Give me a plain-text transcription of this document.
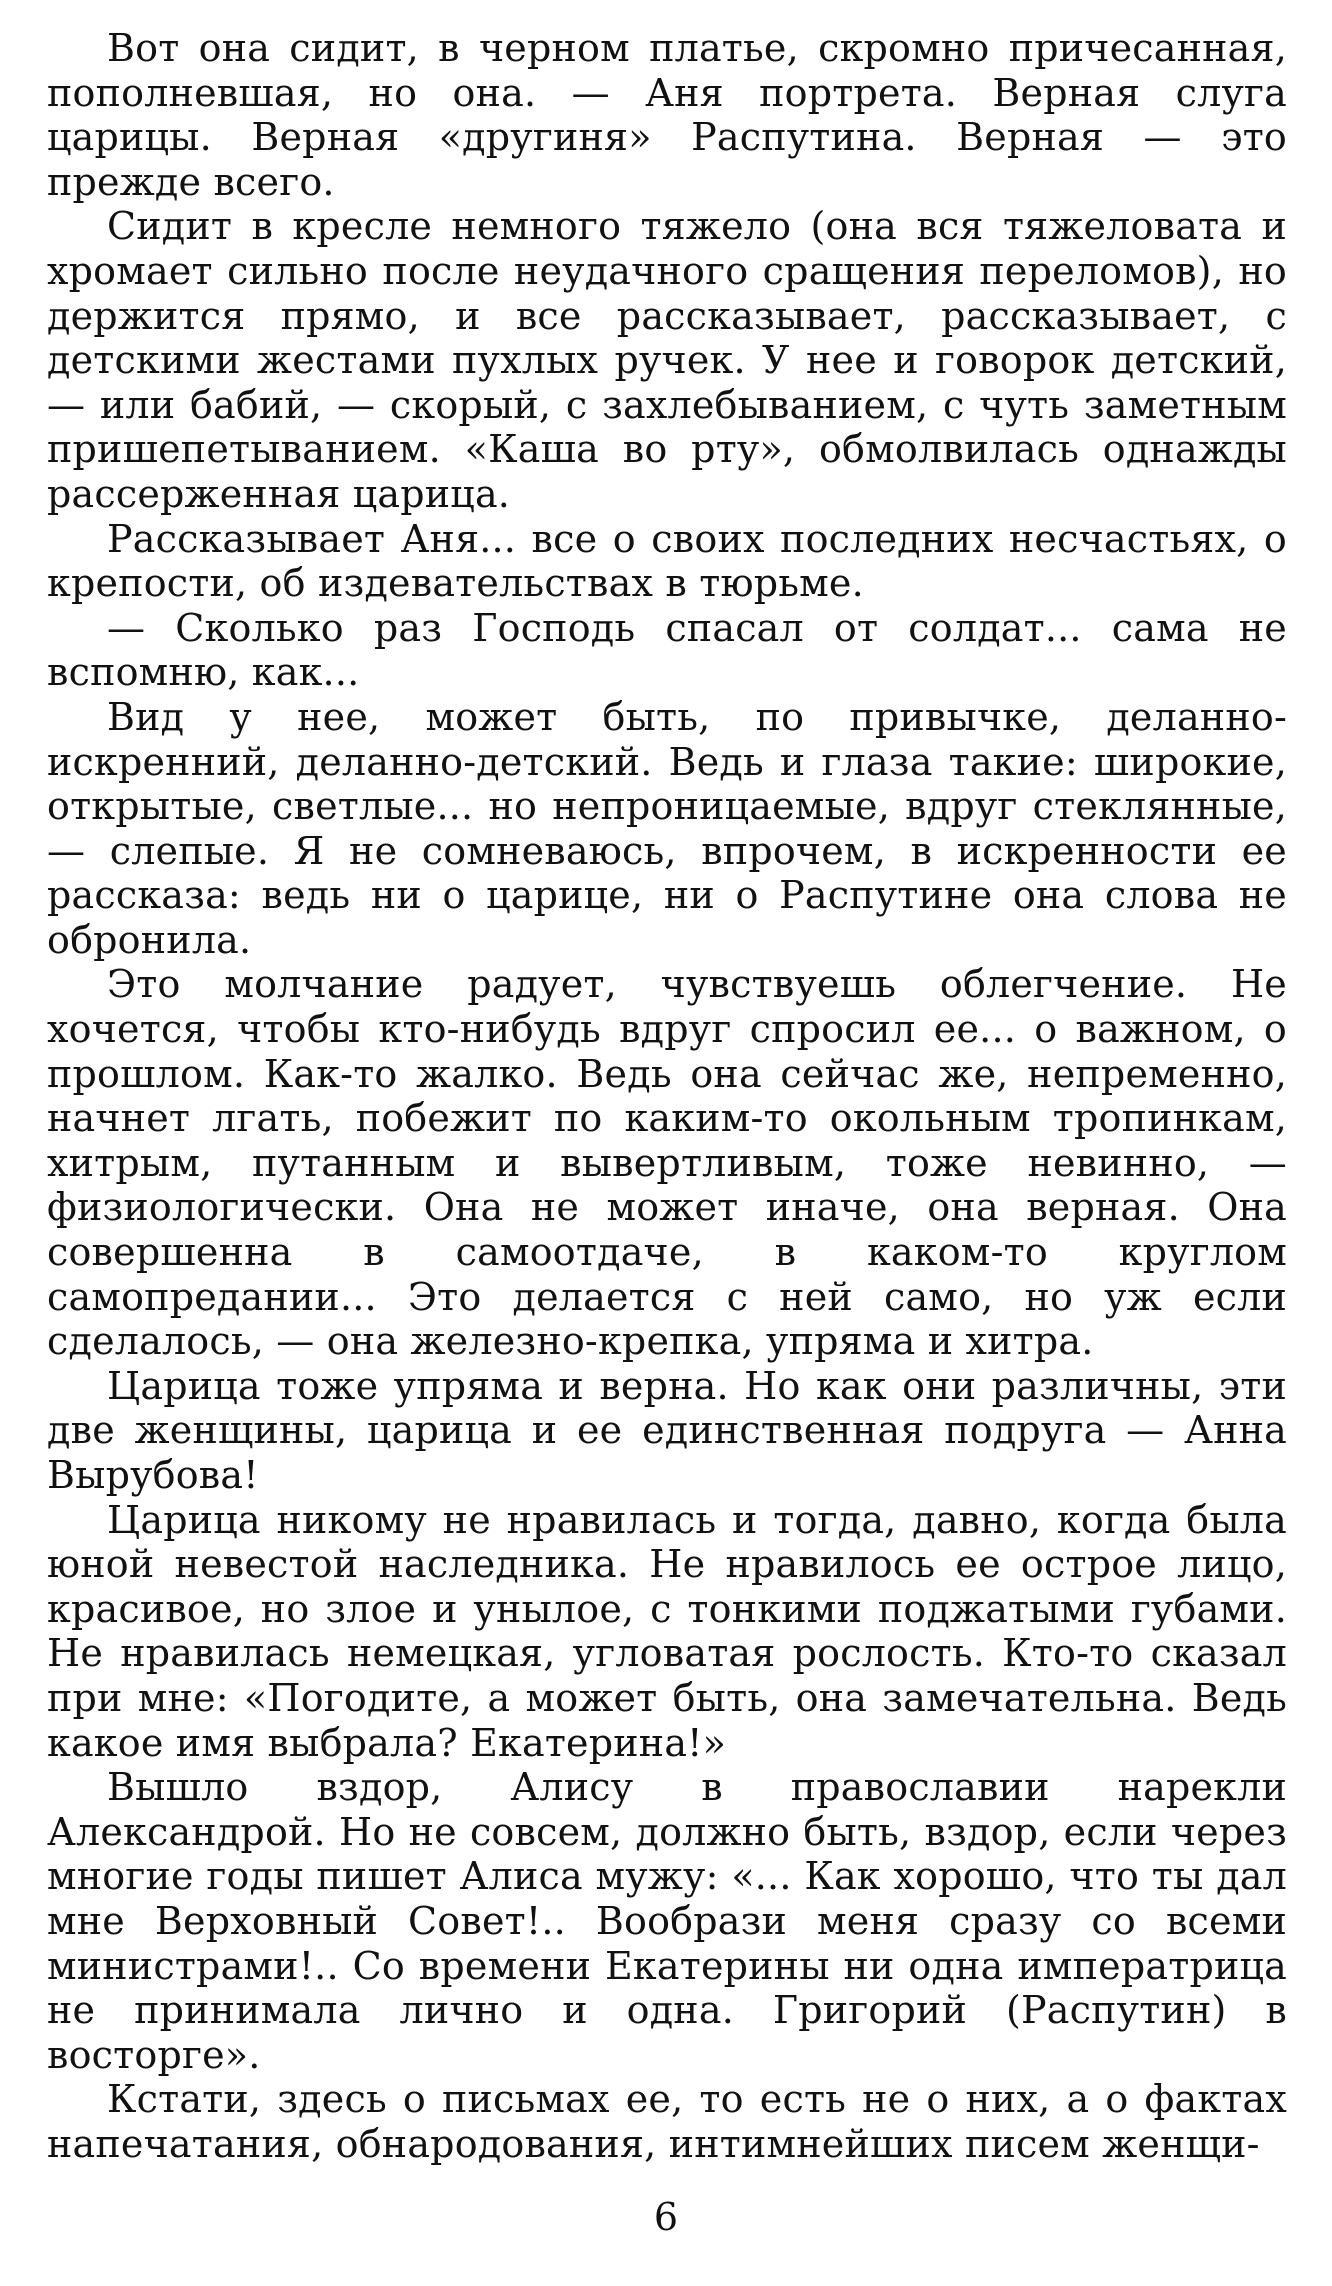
Вот она сидит, в черном платье, скромно причесанная, пополневшая, но она. — Аня портрета. Верная слуга царицы. Верная «другиня» Распутина. Верная — это прежде всего.

Сидит в кресле немного тяжело (она вся тяжеловата и хромает сильно после неудачного сращения переломов), но держится прямо, и все рассказывает, рассказывает, с детскими жестами пухлых ручек. У нее и говорок детский, — или бабий, — скорый, с захлебыванием, с чуть заметным пришепетыванием. «Каша во рту», обмолвилась однажды рассерженная царица.

Рассказывает Аня... все о своих последних несчастьях, о крепости, об издевательствах в тюрьме.

— Сколько раз Господь спасал от солдат... сама не вспомню, как...

Вид у нее, может быть, по привычке, деланно-искренний, деланно-детский. Ведь и глаза такие: широкие, открытые, светлые... но непроницаемые, вдруг стеклянные, — слепые. Я не сомневаюсь, впрочем, в искренности ее рассказа: ведь ни о царице, ни о Распутине она слова не обронила.

Это молчание радует, чувствуешь облегчение. Не хочется, чтобы кто-нибудь вдруг спросил ее... о важном, о прошлом. Как-то жалко. Ведь она сейчас же, непременно, начнет лгать, побежит по каким-то окольным тропинкам, хитрым, путанным и вывертливым, тоже невинно, — физиологически. Она не может иначе, она верная. Она совершенна в самоотдаче, в каком-то круглом самопредании... Это делается с ней само, но уж если сделалось, — она железно-крепка, упряма и хитра.

Царица тоже упряма и верна. Но как они различны, эти две женщины, царица и ее единственная подруга — Анна Вырубова!

Царица никому не нравилась и тогда, давно, когда была юной невестой наследника. Не нравилось ее острое лицо, красивое, но злое и унылое, с тонкими поджатыми губами. Не нравилась немецкая, угловатая рослость. Кто-то сказал при мне: «Погодите, а может быть, она замечательна. Ведь какое имя выбрала? Екатерина!»

Вышло вздор, Алису в православии нарекли Александрой. Но не совсем, должно быть, вздор, если через многие годы пишет Алиса мужу: «... Как хорошо, что ты дал мне Верховный Совет!.. Вообрази меня сразу со всеми министрами!.. Со времени Екатерины ни одна императрица не принимала лично и одна. Григорий (Распутин) в восторге».

Кстати, здесь о письмах ее, то есть не о них, а о фактах напечатания, обнародования, интимнейших писем женщи-

6
